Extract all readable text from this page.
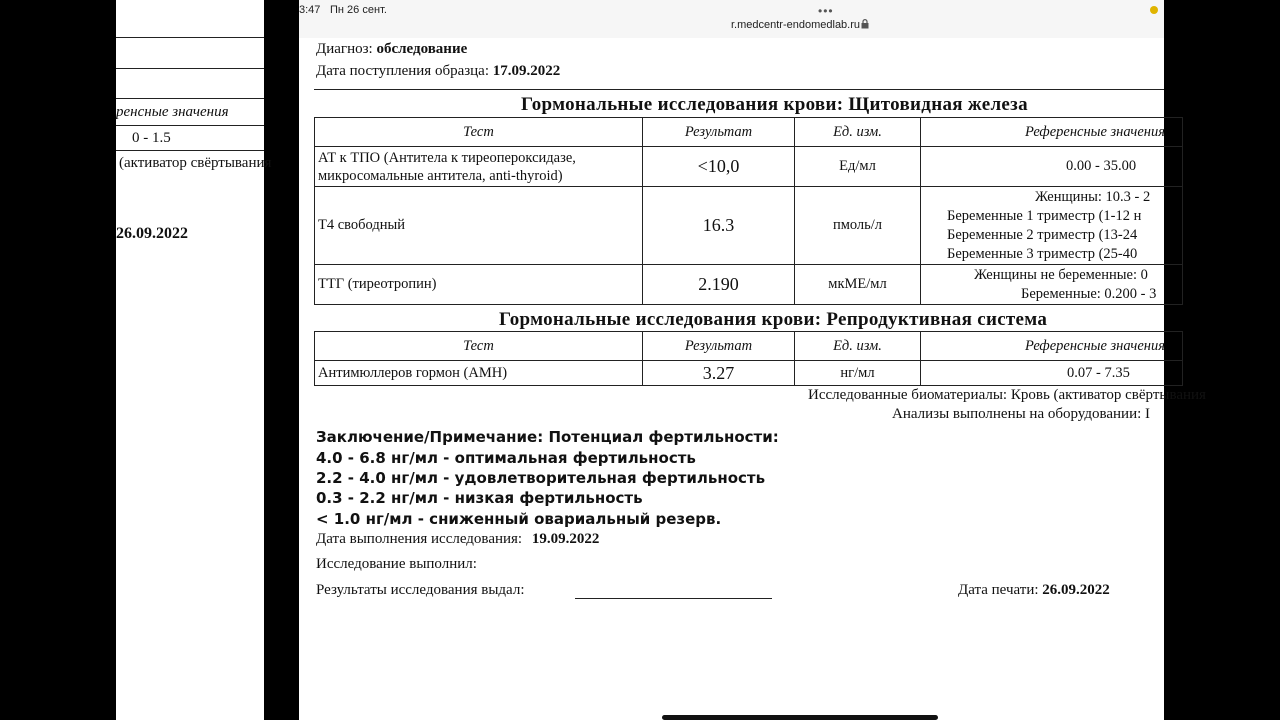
ренсные значения
0 - 1.5
(активатор свёртывания
26.09.2022
3:47 Пн 26 сент.	•••
r.medcentr-endomedlab.ru
Диагноз: обследование
Дата поступления образца: 17.09.2022
Гормональные исследования крови: Щитовидная железа
Тест	Результат	Ед. изм.	Референсные значения

АТ к ТПО (Антитела к тиреопероксидазе,
микросомальные антитела, anti-thyroid)	<10,0	Ед/мл	0.00 - 35.00
Т4 свободный	16.3	пмоль/л	Женщины: 10.3 - 2
Беременные 1 триместр (1-12 н
Беременные 2 триместр (13-24
Беременные 3 триместр (25-40

ТТГ (тиреотропин)	2.190	мкМЕ/мл	Женщины не беременные: 0
Беременные: 0.200 - 3
Гормональные исследования крови: Репродуктивная система
Тест	Результат	Ед. изм.	Референсные значения
Антимюллеров гормон (АМН)	3.27	нг/мл	0.07 - 7.35
Исследованные биоматериалы: Кровь (активатор свёртывания
Анализы выполнены на оборудовании: I
Заключение/Примечание: Потенциал фертильности:
4.0 - 6.8 нг/мл - оптимальная фертильность
2.2 - 4.0 нг/мл - удовлетворительная фертильность
0.3 - 2.2 нг/мл - низкая фертильность
< 1.0 нг/мл - сниженный овариальный резерв.
Дата выполнения исследования: 19.09.2022
Исследование выполнил:
Результаты исследования выдал:	Дата печати: 26.09.2022
